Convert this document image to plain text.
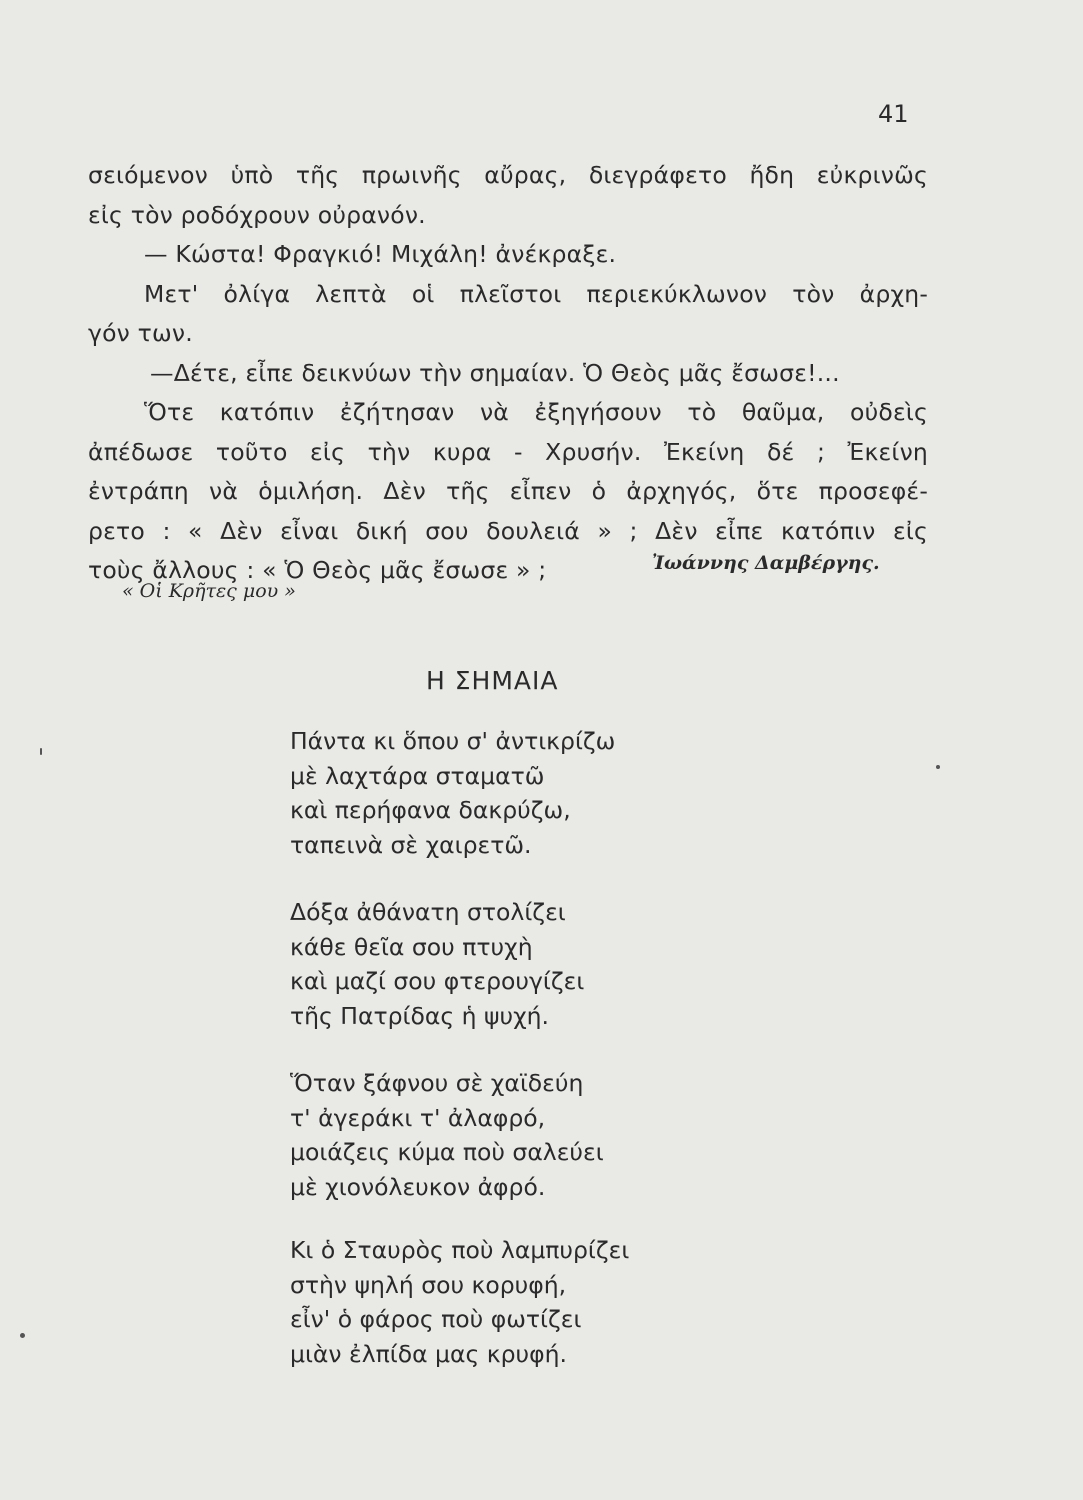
41
σειόμενον ὑπὸ τῆς πρωινῆς αὔρας, διεγράφετο ἤδη εὐκρινῶς
εἰς τὸν ροδόχρουν οὐρανόν.
— Κώστα! Φραγκιό! Μιχάλη! ἀνέκραξε.
Μετ' ὀλίγα λεπτὰ οἱ πλεῖστοι περιεκύκλωνον τὸν ἀρχη-
γόν των.
—Δέτε, εἶπε δεικνύων τὴν σημαίαν. Ὁ Θεὸς μᾶς ἔσωσε!...
Ὅτε κατόπιν ἐζήτησαν νὰ ἐξηγήσουν τὸ θαῦμα, οὐδεὶς
ἀπέδωσε τοῦτο εἰς τὴν κυρα - Χρυσήν. Ἐκείνη δέ ; Ἐκείνη
ἐντράπη νὰ ὁμιλήση. Δὲν τῆς εἶπεν ὁ ἀρχηγός, ὅτε προσεφέ-
ρετο : « Δὲν εἶναι δική σου δουλειά » ; Δὲν εἶπε κατόπιν εἰς
τοὺς ἄλλους : « Ὁ Θεὸς μᾶς ἔσωσε » ;	Ἰωάννης Δαμβέργης.
« Οἱ Κρῆτες μου »
Η ΣΗΜΑΙΑ
Πάντα κι ὅπου σ' ἀντικρίζω
μὲ λαχτάρα σταματῶ
καὶ περήφανα δακρύζω,
ταπεινὰ σὲ χαιρετῶ.
Δόξα ἀθάνατη στολίζει
κάθε θεῖα σου πτυχὴ
καὶ μαζί σου φτερουγίζει
τῆς Πατρίδας ἡ ψυχή.
Ὅταν ξάφνου σὲ χαϊδεύη
τ' ἀγεράκι τ' ἀλαφρό,
μοιάζεις κύμα ποὺ σαλεύει
μὲ χιονόλευκον ἀφρό.
Κι ὁ Σταυρὸς ποὺ λαμπυρίζει
στὴν ψηλή σου κορυφή,
εἶν' ὁ φάρος ποὺ φωτίζει
μιὰν ἐλπίδα μας κρυφή.
